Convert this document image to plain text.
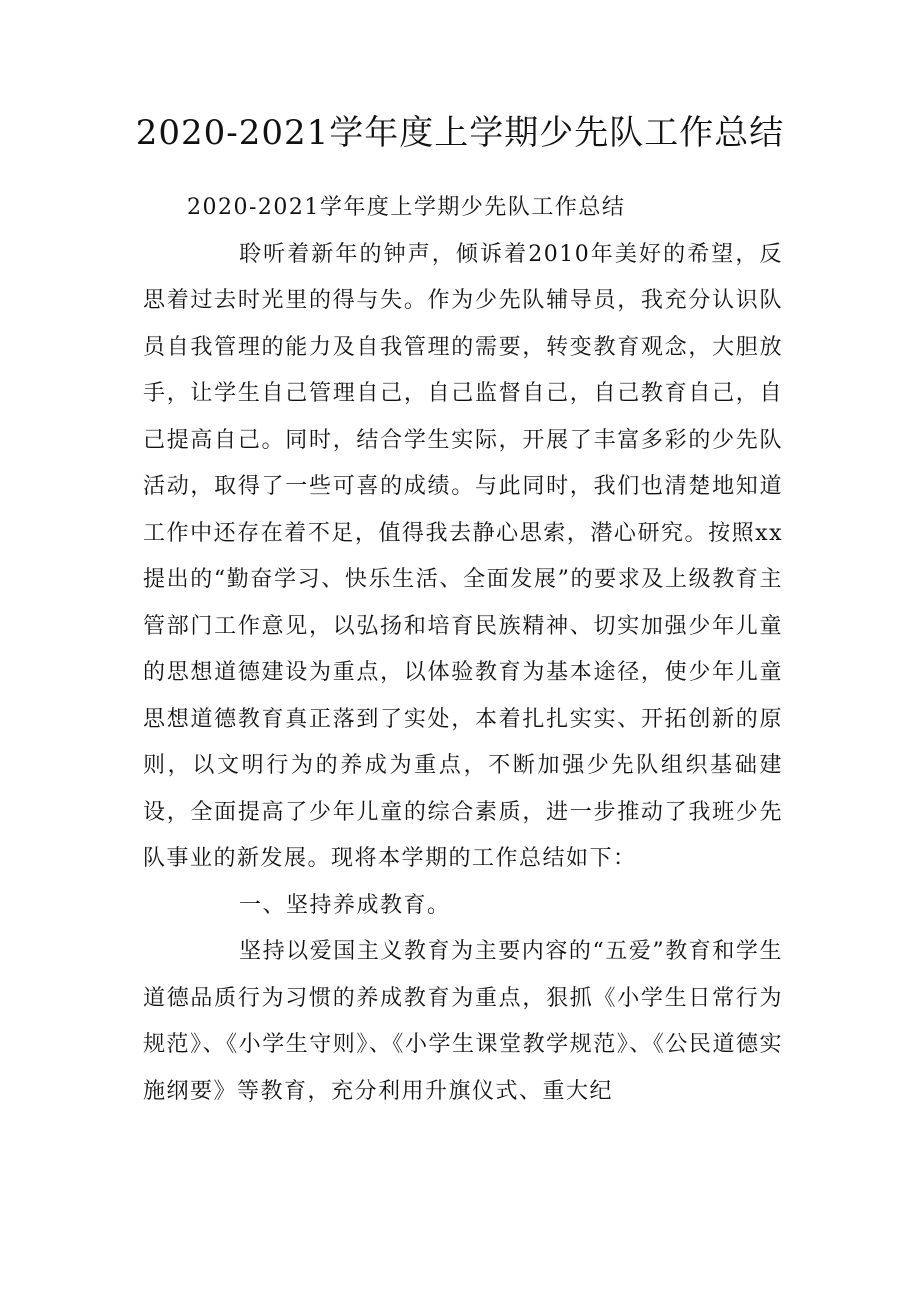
2020-2021学年度上学期少先队工作总结

2020-2021学年度上学期少先队工作总结

聆听着新年的钟声，倾诉着2010年美好的希望，反思着过去时光里的得与失。作为少先队辅导员，我充分认识队员自我管理的能力及自我管理的需要，转变教育观念，大胆放手，让学生自己管理自己，自己监督自己，自己教育自己，自己提高自己。同时，结合学生实际，开展了丰富多彩的少先队活动，取得了一些可喜的成绩。与此同时，我们也清楚地知道工作中还存在着不足，值得我去静心思索，潜心研究。按照xx提出的“勤奋学习、快乐生活、全面发展”的要求及上级教育主管部门工作意见，以弘扬和培育民族精神、切实加强少年儿童的思想道德建设为重点，以体验教育为基本途径，使少年儿童思想道德教育真正落到了实处，本着扎扎实实、开拓创新的原则，以文明行为的养成为重点，不断加强少先队组织基础建设，全面提高了少年儿童的综合素质，进一步推动了我班少先队事业的新发展。现将本学期的工作总结如下：

一、坚持养成教育。

坚持以爱国主义教育为主要内容的“五爱”教育和学生道德品质行为习惯的养成教育为重点，狠抓《小学生日常行为规范》、《小学生守则》、《小学生课堂教学规范》、《公民道德实施纲要》等教育，充分利用升旗仪式、重大纪
